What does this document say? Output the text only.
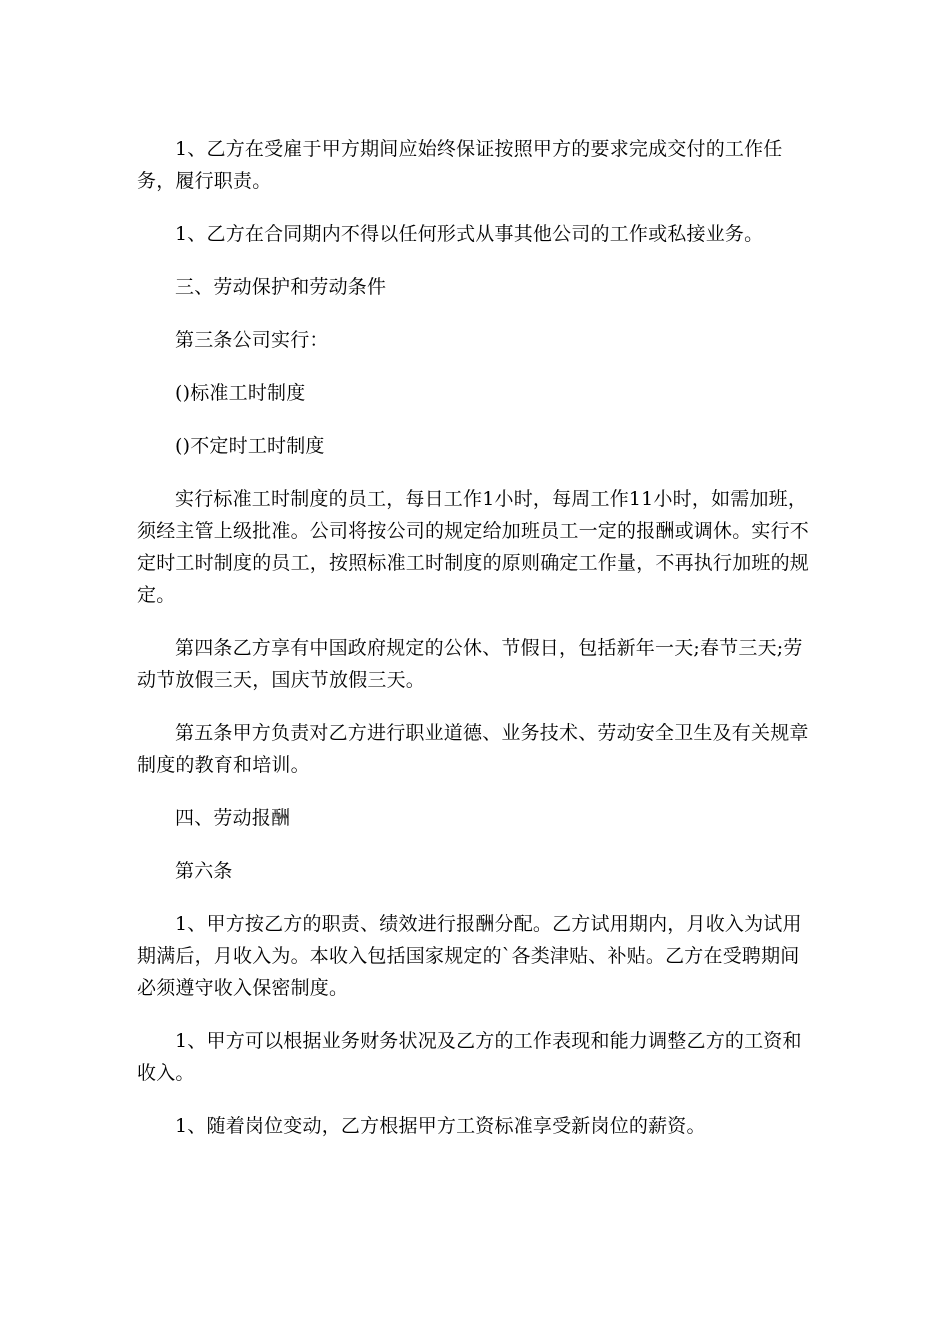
1、乙方在受雇于甲方期间应始终保证按照甲方的要求完成交付的工作任务，履行职责。

1、乙方在合同期内不得以任何形式从事其他公司的工作或私接业务。

三、劳动保护和劳动条件

第三条公司实行：

()标准工时制度

()不定时工时制度

实行标准工时制度的员工，每日工作1小时，每周工作11小时，如需加班，须经主管上级批准。公司将按公司的规定给加班员工一定的报酬或调休。实行不定时工时制度的员工，按照标准工时制度的原则确定工作量，不再执行加班的规定。

第四条乙方享有中国政府规定的公休、节假日，包括新年一天;春节三天;劳动节放假三天，国庆节放假三天。

第五条甲方负责对乙方进行职业道德、业务技术、劳动安全卫生及有关规章制度的教育和培训。

四、劳动报酬

第六条

1、甲方按乙方的职责、绩效进行报酬分配。乙方试用期内，月收入为试用期满后，月收入为。本收入包括国家规定的`各类津贴、补贴。乙方在受聘期间必须遵守收入保密制度。

1、甲方可以根据业务财务状况及乙方的工作表现和能力调整乙方的工资和收入。

1、随着岗位变动，乙方根据甲方工资标准享受新岗位的薪资。
